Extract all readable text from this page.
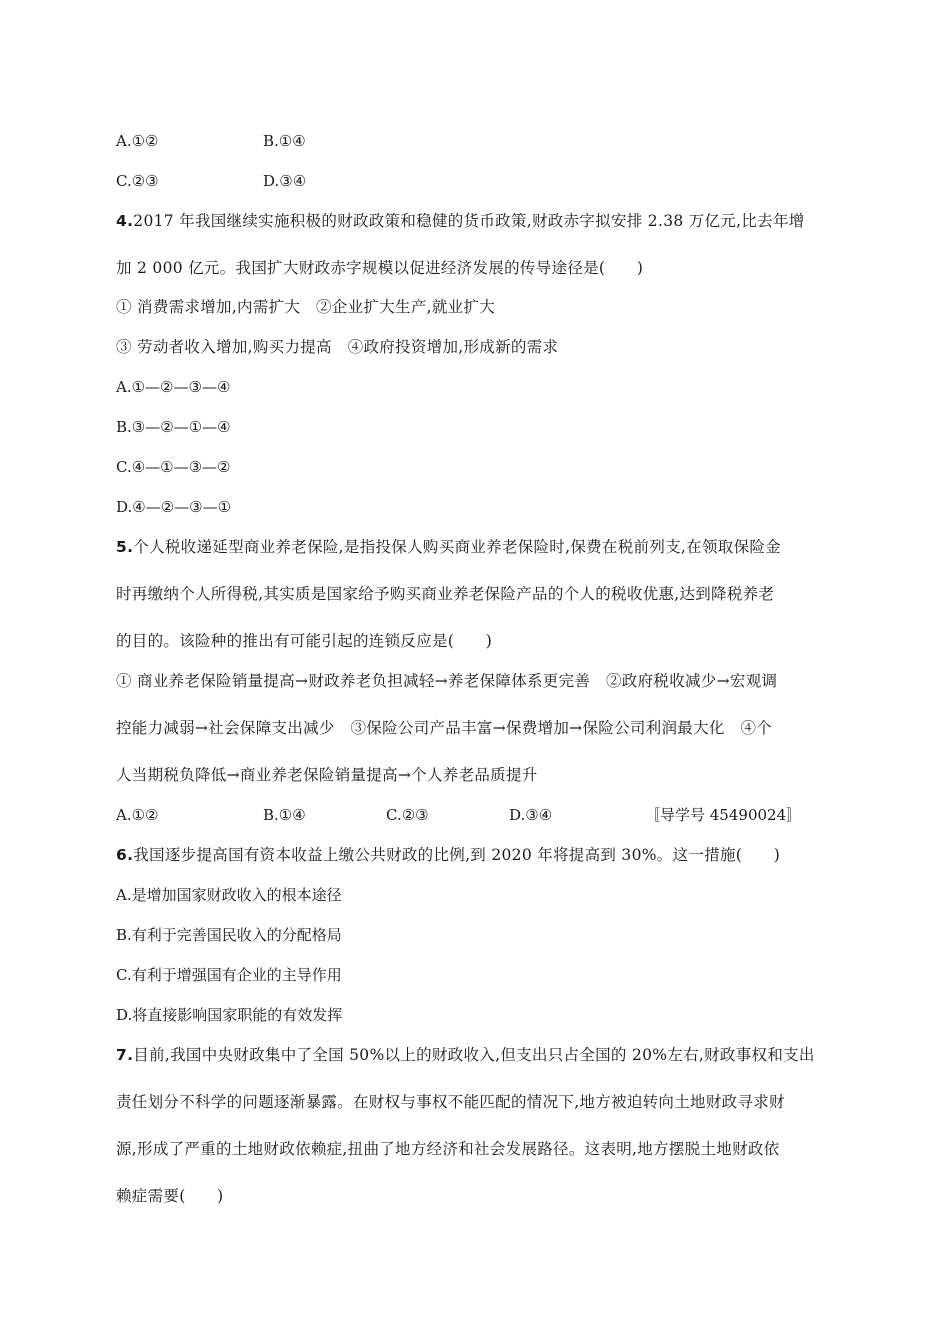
A.①②	B.①④
C.②③	D.③④
4.2017 年我国继续实施积极的财政政策和稳健的货币政策,财政赤字拟安排 2.38 万亿元,比去年增
加 2 000 亿元。我国扩大财政赤字规模以促进经济发展的传导途径是(　　)
① 消费需求增加,内需扩大　②企业扩大生产,就业扩大
③ 劳动者收入增加,购买力提高　④政府投资增加,形成新的需求
A.①—②—③—④
B.③—②—①—④
C.④—①—③—②
D.④—②—③—①
5.个人税收递延型商业养老保险,是指投保人购买商业养老保险时,保费在税前列支,在领取保险金
时再缴纳个人所得税,其实质是国家给予购买商业养老保险产品的个人的税收优惠,达到降税养老
的目的。该险种的推出有可能引起的连锁反应是(　　)
① 商业养老保险销量提高→财政养老负担减轻→养老保障体系更完善　②政府税收减少→宏观调
控能力减弱→社会保障支出减少　③保险公司产品丰富→保费增加→保险公司利润最大化　④个
人当期税负降低→商业养老保险销量提高→个人养老品质提升
A.①②	B.①④	C.②③	D.③④	〚导学号 45490024〛
6.我国逐步提高国有资本收益上缴公共财政的比例,到 2020 年将提高到 30%。这一措施(　　)
A.是增加国家财政收入的根本途径
B.有利于完善国民收入的分配格局
C.有利于增强国有企业的主导作用
D.将直接影响国家职能的有效发挥
7.目前,我国中央财政集中了全国 50%以上的财政收入,但支出只占全国的 20%左右,财政事权和支出
责任划分不科学的问题逐渐暴露。在财权与事权不能匹配的情况下,地方被迫转向土地财政寻求财
源,形成了严重的土地财政依赖症,扭曲了地方经济和社会发展路径。这表明,地方摆脱土地财政依
赖症需要(　　)
